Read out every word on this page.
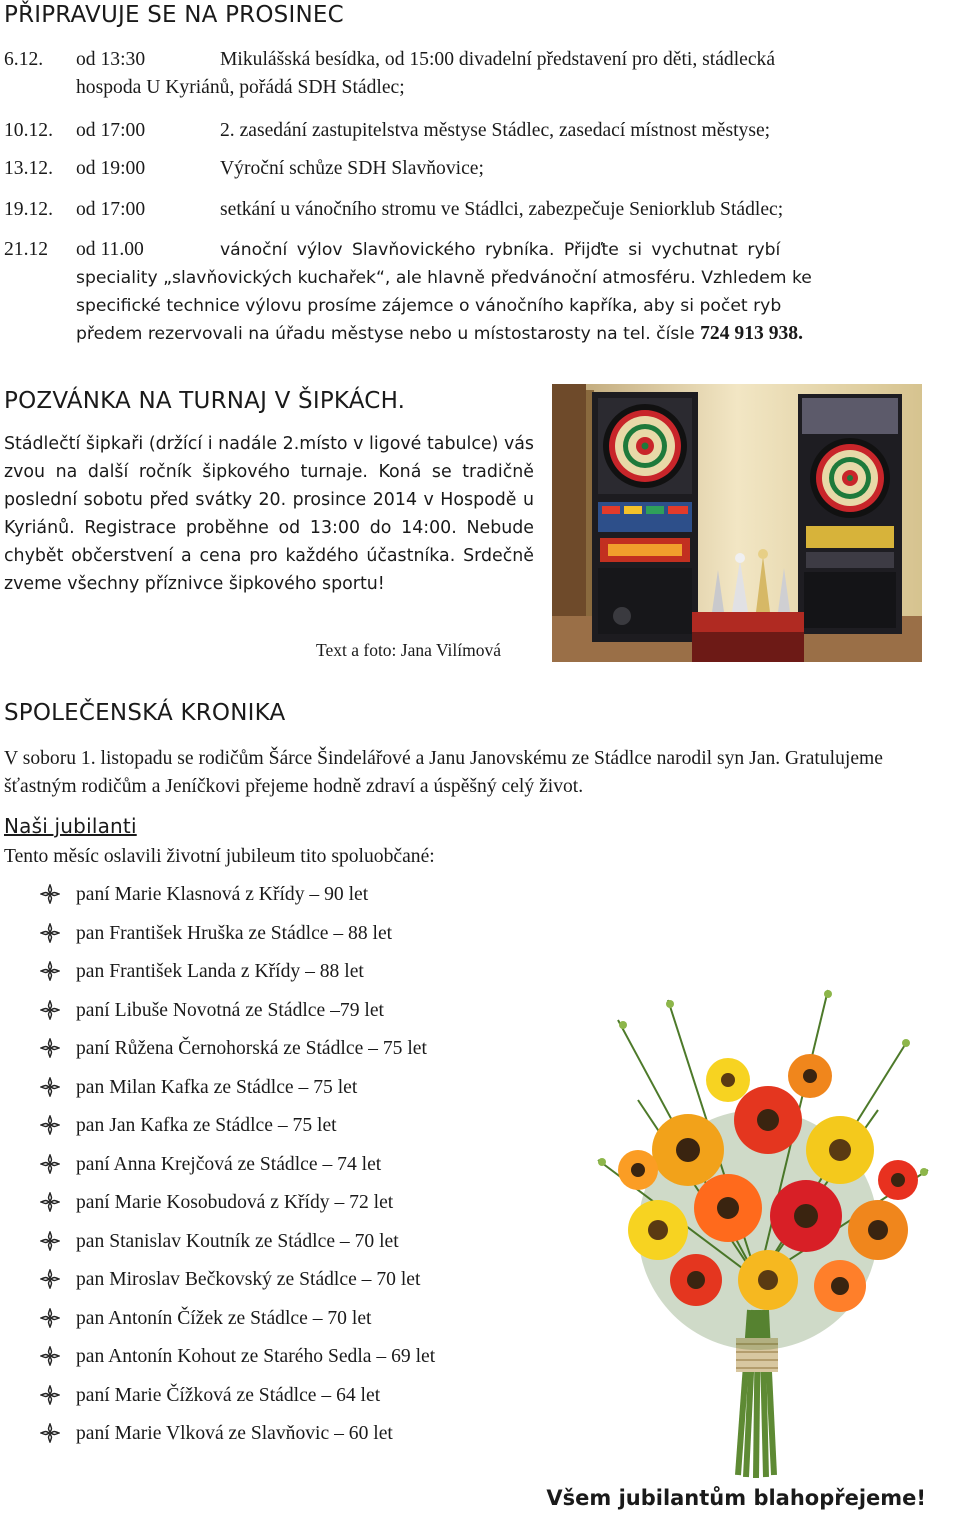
PŘIPRAVUJE SE NA PROSINEC
6.12. od 13:30	Mikulášská besídka, od 15:00 divadelní představení pro děti, stádlecká
hospoda U Kyriánů, pořádá SDH Stádlec;
10.12. od 17:00	2. zasedání zastupitelstva městyse Stádlec, zasedací místnost městyse;
13.12. od 19:00	Výroční schůze SDH Slavňovice;
19.12. od 17:00	setkání u vánočního stromu ve Stádlci, zabezpečuje Seniorklub Stádlec;
21.12 od 11.00	vánoční výlov Slavňovického rybníka. Přijďte si vychutnat rybí
speciality „slavňovických kuchařek“, ale hlavně předvánoční atmosféru. Vzhledem ke
specifické technice výlovu prosíme zájemce o vánočního kapříka, aby si počet ryb
předem rezervovali na úřadu městyse nebo u místostarosty na tel. čísle 724 913 938.
POZVÁNKA NA TURNAJ V ŠIPKÁCH.
Stádlečtí šipkaři (držící i nadále 2.místo v ligové tabulce) vás zvou na další ročník šipkového turnaje. Koná se tradičně poslední sobotu před svátky 20. prosince 2014 v Hospodě u Kyriánů. Registrace proběhne od 13:00 do 14:00. Nebude chybět občerstvení a cena pro každého účastníka. Srdečně zveme všechny příznivce šipkového sportu!
Text a foto: Jana Vilímová
SPOLEČENSKÁ KRONIKA
V soboru 1. listopadu se rodičům Šárce Šindelářové a Janu Janovskému ze Stádlce narodil syn Jan. Gratulujeme šťastným rodičům a Jeníčkovi přejeme hodně zdraví a úspěšný celý život.
Naši jubilanti
Tento měsíc oslavili životní jubileum tito spoluobčané:
paní Marie Klasnová z Křídy – 90 let
pan František Hruška ze Stádlce – 88 let
pan František Landa z Křídy – 88 let
paní Libuše Novotná ze Stádlce –79 let
paní Růžena Černohorská ze Stádlce – 75 let
pan Milan Kafka ze Stádlce – 75 let
pan Jan Kafka ze Stádlce – 75 let
paní Anna Krejčová ze Stádlce – 74 let
paní Marie Kosobudová z Křídy – 72 let
pan Stanislav Koutník ze Stádlce – 70 let
pan Miroslav Bečkovský ze Stádlce – 70 let
pan Antonín Čížek ze Stádlce – 70 let
pan Antonín Kohout ze Starého Sedla – 69 let
paní Marie Čížková ze Stádlce – 64 let
paní Marie Vlková ze Slavňovic – 60 let

Všem jubilantům blahopřejeme!
